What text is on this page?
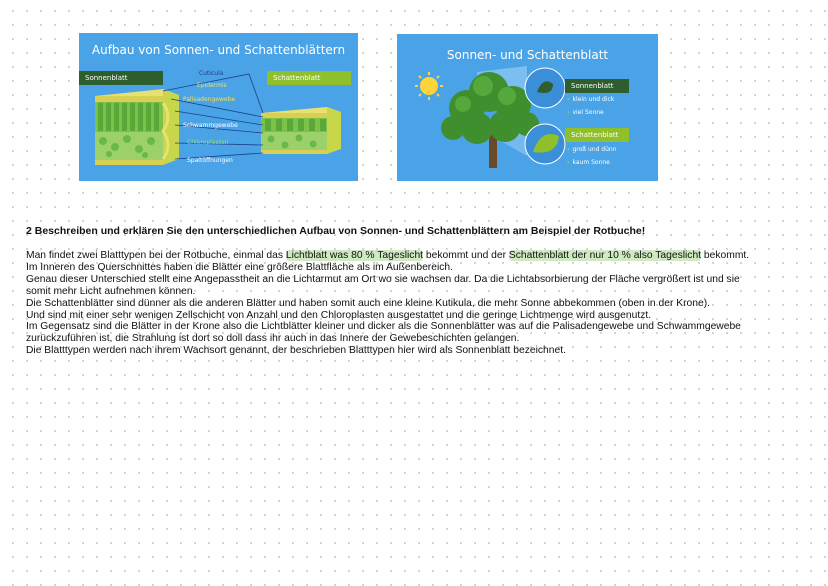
Aufbau von Sonnen- und Schattenblättern
Sonnenblatt	Schattenblatt
Cuticula
Epidermis
Palisadengewebe
Schwammgewebe
Chloroplasten
Spaltöffnungen
Sonnen- und Schattenblatt
Sonnenblatt
› klein und dick
› viel Sonne
Schattenblatt
› groß und dünn
› kaum Sonne
2 Beschreiben und erklären Sie den unterschiedlichen Aufbau von Sonnen- und Schattenblättern am Beispiel der Rotbuche!

Man findet zwei Blatttypen bei der Rotbuche, einmal das Lichtblatt was 80 % Tageslicht bekommt und der Schattenblatt der nur 10 % also Tageslicht bekommt.

Im Inneren des Querschnittes haben die Blätter eine größere Blattfläche als im Außenbereich.

Genau dieser Unterschied stellt eine Angepasstheit an die Lichtarmut am Ort wo sie wachsen dar. Da die Lichtabsorbierung der Fläche vergrößert ist und sie somit mehr Licht aufnehmen können.

Die Schattenblätter sind dünner als die anderen Blätter und haben somit auch eine kleine Kutikula, die mehr Sonne abbekommen (oben in der Krone).

Und sind mit einer sehr wenigen Zellschicht von Anzahl und den Chloroplasten ausgestattet und die geringe Lichtmenge wird ausgenutzt.

Im Gegensatz sind die Blätter in der Krone also die Lichtblätter kleiner und dicker als die Sonnenblätter was auf die Palisadengewebe und Schwammgewebe zurückzuführen ist, die Strahlung ist dort so doll dass ihr auch in das Innere der Gewebeschichten gelangen.

Die Blatttypen werden nach ihrem Wachsort genannt, der beschrieben Blatttypen hier wird als Sonnenblatt bezeichnet.
